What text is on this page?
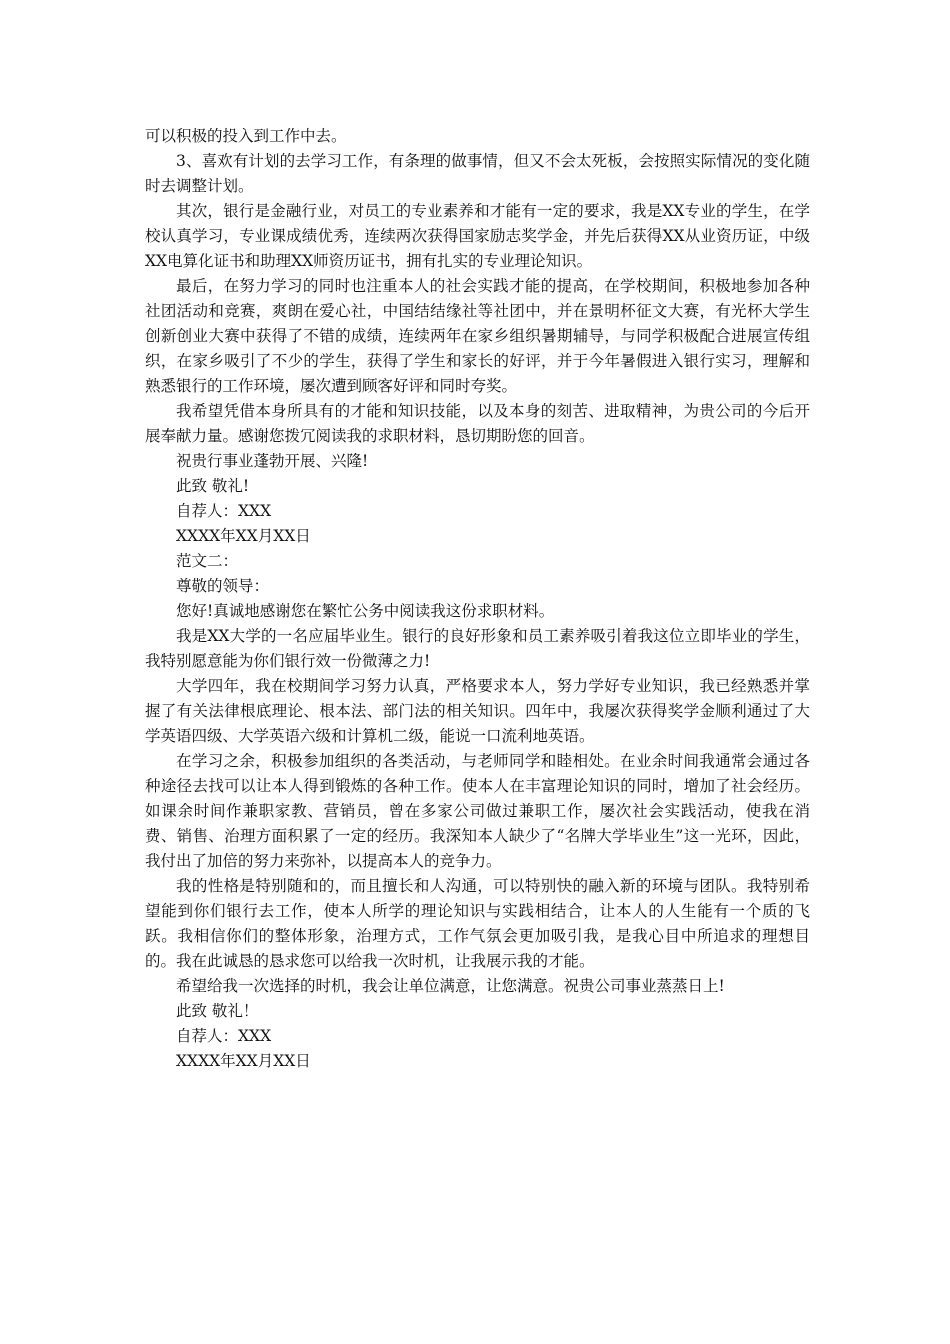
可以积极的投入到工作中去。

3、喜欢有计划的去学习工作，有条理的做事情，但又不会太死板，会按照实际情况的变化随时去调整计划。

其次，银行是金融行业，对员工的专业素养和才能有一定的要求，我是XX专业的学生，在学校认真学习，专业课成绩优秀，连续两次获得国家励志奖学金，并先后获得XX从业资历证，中级XX电算化证书和助理XX师资历证书，拥有扎实的专业理论知识。

最后，在努力学习的同时也注重本人的社会实践才能的提高，在学校期间，积极地参加各种社团活动和竞赛，爽朗在爱心社，中国结结缘社等社团中，并在景明杯征文大赛，有光杯大学生创新创业大赛中获得了不错的成绩，连续两年在家乡组织暑期辅导，与同学积极配合进展宣传组织，在家乡吸引了不少的学生，获得了学生和家长的好评，并于今年暑假进入银行实习，理解和熟悉银行的工作环境，屡次遭到顾客好评和同时夸奖。

我希望凭借本身所具有的才能和知识技能，以及本身的刻苦、进取精神，为贵公司的今后开展奉献力量。感谢您拨冗阅读我的求职材料，恳切期盼您的回音。

祝贵行事业蓬勃开展、兴隆!

此致 敬礼!

自荐人：XXX

XXXX年XX月XX日

范文二：

尊敬的领导：

您好!真诚地感谢您在繁忙公务中阅读我这份求职材料。

我是XX大学的一名应届毕业生。银行的良好形象和员工素养吸引着我这位立即毕业的学生，我特别愿意能为你们银行效一份微薄之力!

大学四年，我在校期间学习努力认真，严格要求本人，努力学好专业知识，我已经熟悉并掌握了有关法律根底理论、根本法、部门法的相关知识。四年中，我屡次获得奖学金顺利通过了大学英语四级、大学英语六级和计算机二级，能说一口流利地英语。

在学习之余，积极参加组织的各类活动，与老师同学和睦相处。在业余时间我通常会通过各种途径去找可以让本人得到锻炼的各种工作。使本人在丰富理论知识的同时，增加了社会经历。如课余时间作兼职家教、营销员，曾在多家公司做过兼职工作，屡次社会实践活动，使我在消费、销售、治理方面积累了一定的经历。我深知本人缺少了“名牌大学毕业生”这一光环，因此，我付出了加倍的努力来弥补，以提高本人的竞争力。

我的性格是特别随和的，而且擅长和人沟通，可以特别快的融入新的环境与团队。我特别希望能到你们银行去工作，使本人所学的理论知识与实践相结合，让本人的人生能有一个质的飞跃。我相信你们的整体形象，治理方式，工作气氛会更加吸引我，是我心目中所追求的理想目的。我在此诚恳的恳求您可以给我一次时机，让我展示我的才能。

希望给我一次选择的时机，我会让单位满意，让您满意。祝贵公司事业蒸蒸日上!

此致 敬礼！

自荐人：XXX

XXXX年XX月XX日
